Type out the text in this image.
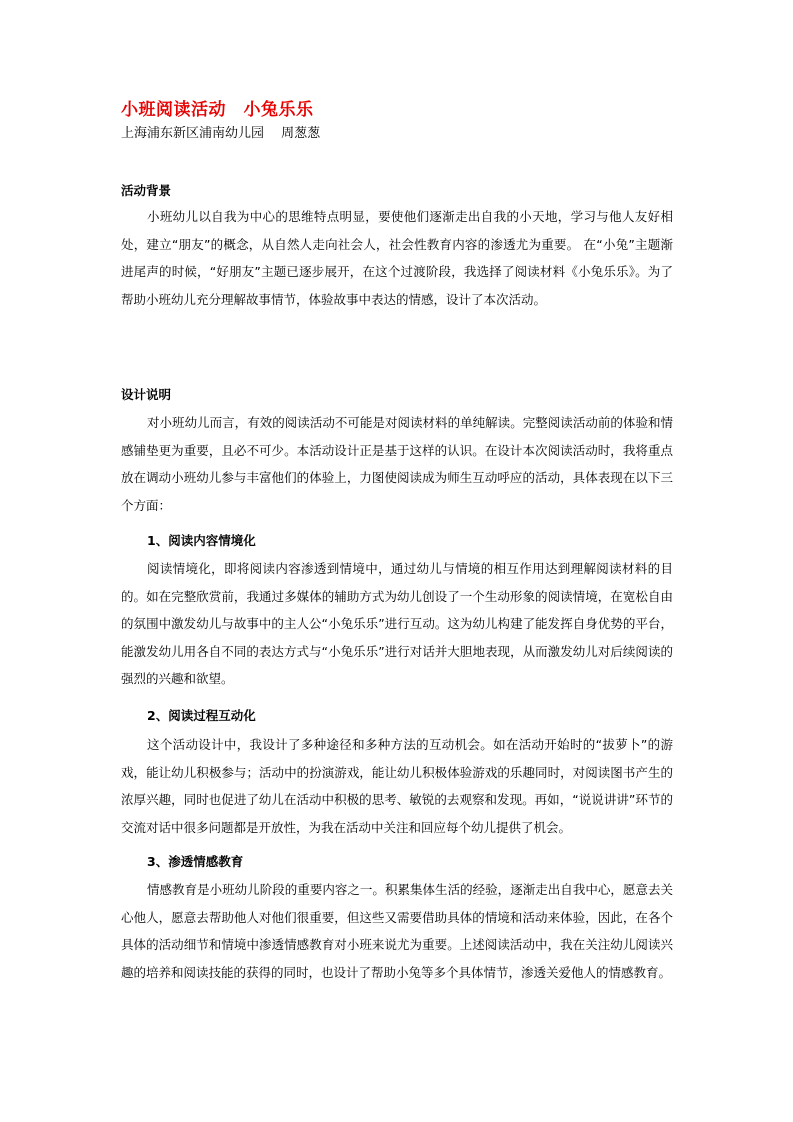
小班阅读活动　小兔乐乐
上海浦东新区浦南幼儿园　 周葱葱
活动背景
小班幼儿以自我为中心的思维特点明显，要使他们逐渐走出自我的小天地，学习与他人友好相处，建立“朋友”的概念，从自然人走向社会人，社会性教育内容的渗透尤为重要。 在“小兔”主题渐进尾声的时候，“好朋友”主题已逐步展开，在这个过渡阶段，我选择了阅读材料《小兔乐乐》。为了帮助小班幼儿充分理解故事情节，体验故事中表达的情感，设计了本次活动。
设计说明
对小班幼儿而言，有效的阅读活动不可能是对阅读材料的单纯解读。完整阅读活动前的体验和情感铺垫更为重要，且必不可少。本活动设计正是基于这样的认识。在设计本次阅读活动时，我将重点放在调动小班幼儿参与丰富他们的体验上，力图使阅读成为师生互动呼应的活动，具体表现在以下三个方面：
1、阅读内容情境化
阅读情境化，即将阅读内容渗透到情境中，通过幼儿与情境的相互作用达到理解阅读材料的目的。如在完整欣赏前，我通过多媒体的辅助方式为幼儿创设了一个生动形象的阅读情境，在宽松自由的氛围中激发幼儿与故事中的主人公“小兔乐乐”进行互动。这为幼儿构建了能发挥自身优势的平台，能激发幼儿用各自不同的表达方式与“小兔乐乐”进行对话并大胆地表现，从而激发幼儿对后续阅读的强烈的兴趣和欲望。
2、阅读过程互动化
这个活动设计中，我设计了多种途径和多种方法的互动机会。如在活动开始时的“拔萝卜”的游戏，能让幼儿积极参与；活动中的扮演游戏，能让幼儿积极体验游戏的乐趣同时，对阅读图书产生的浓厚兴趣，同时也促进了幼儿在活动中积极的思考、敏锐的去观察和发现。再如，“说说讲讲”环节的交流对话中很多问题都是开放性，为我在活动中关注和回应每个幼儿提供了机会。
3、渗透情感教育
情感教育是小班幼儿阶段的重要内容之一。积累集体生活的经验，逐渐走出自我中心，愿意去关心他人，愿意去帮助他人对他们很重要，但这些又需要借助具体的情境和活动来体验，因此，在各个具体的活动细节和情境中渗透情感教育对小班来说尤为重要。上述阅读活动中，我在关注幼儿阅读兴趣的培养和阅读技能的获得的同时，也设计了帮助小兔等多个具体情节，渗透关爱他人的情感教育。
